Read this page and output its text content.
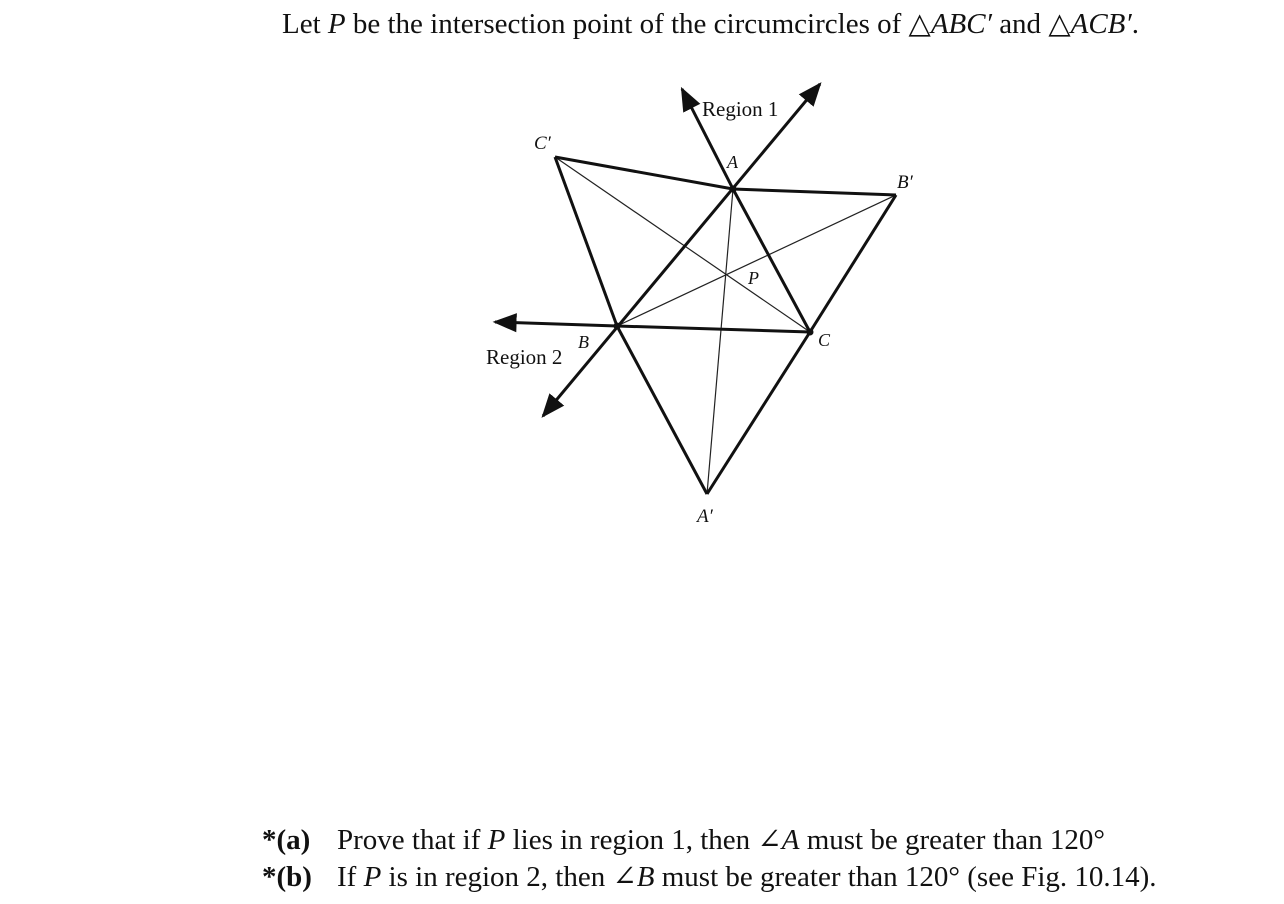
Let P be the intersection point of the circumcircles of △ABC′ and △ACB′.
Region 1
Region 2
A
B	C
P
A′
B′
C′
*(a) Prove that if P lies in region 1, then ∠A must be greater than 120°
*(b) If P is in region 2, then ∠B must be greater than 120° (see Fig. 10.14).
